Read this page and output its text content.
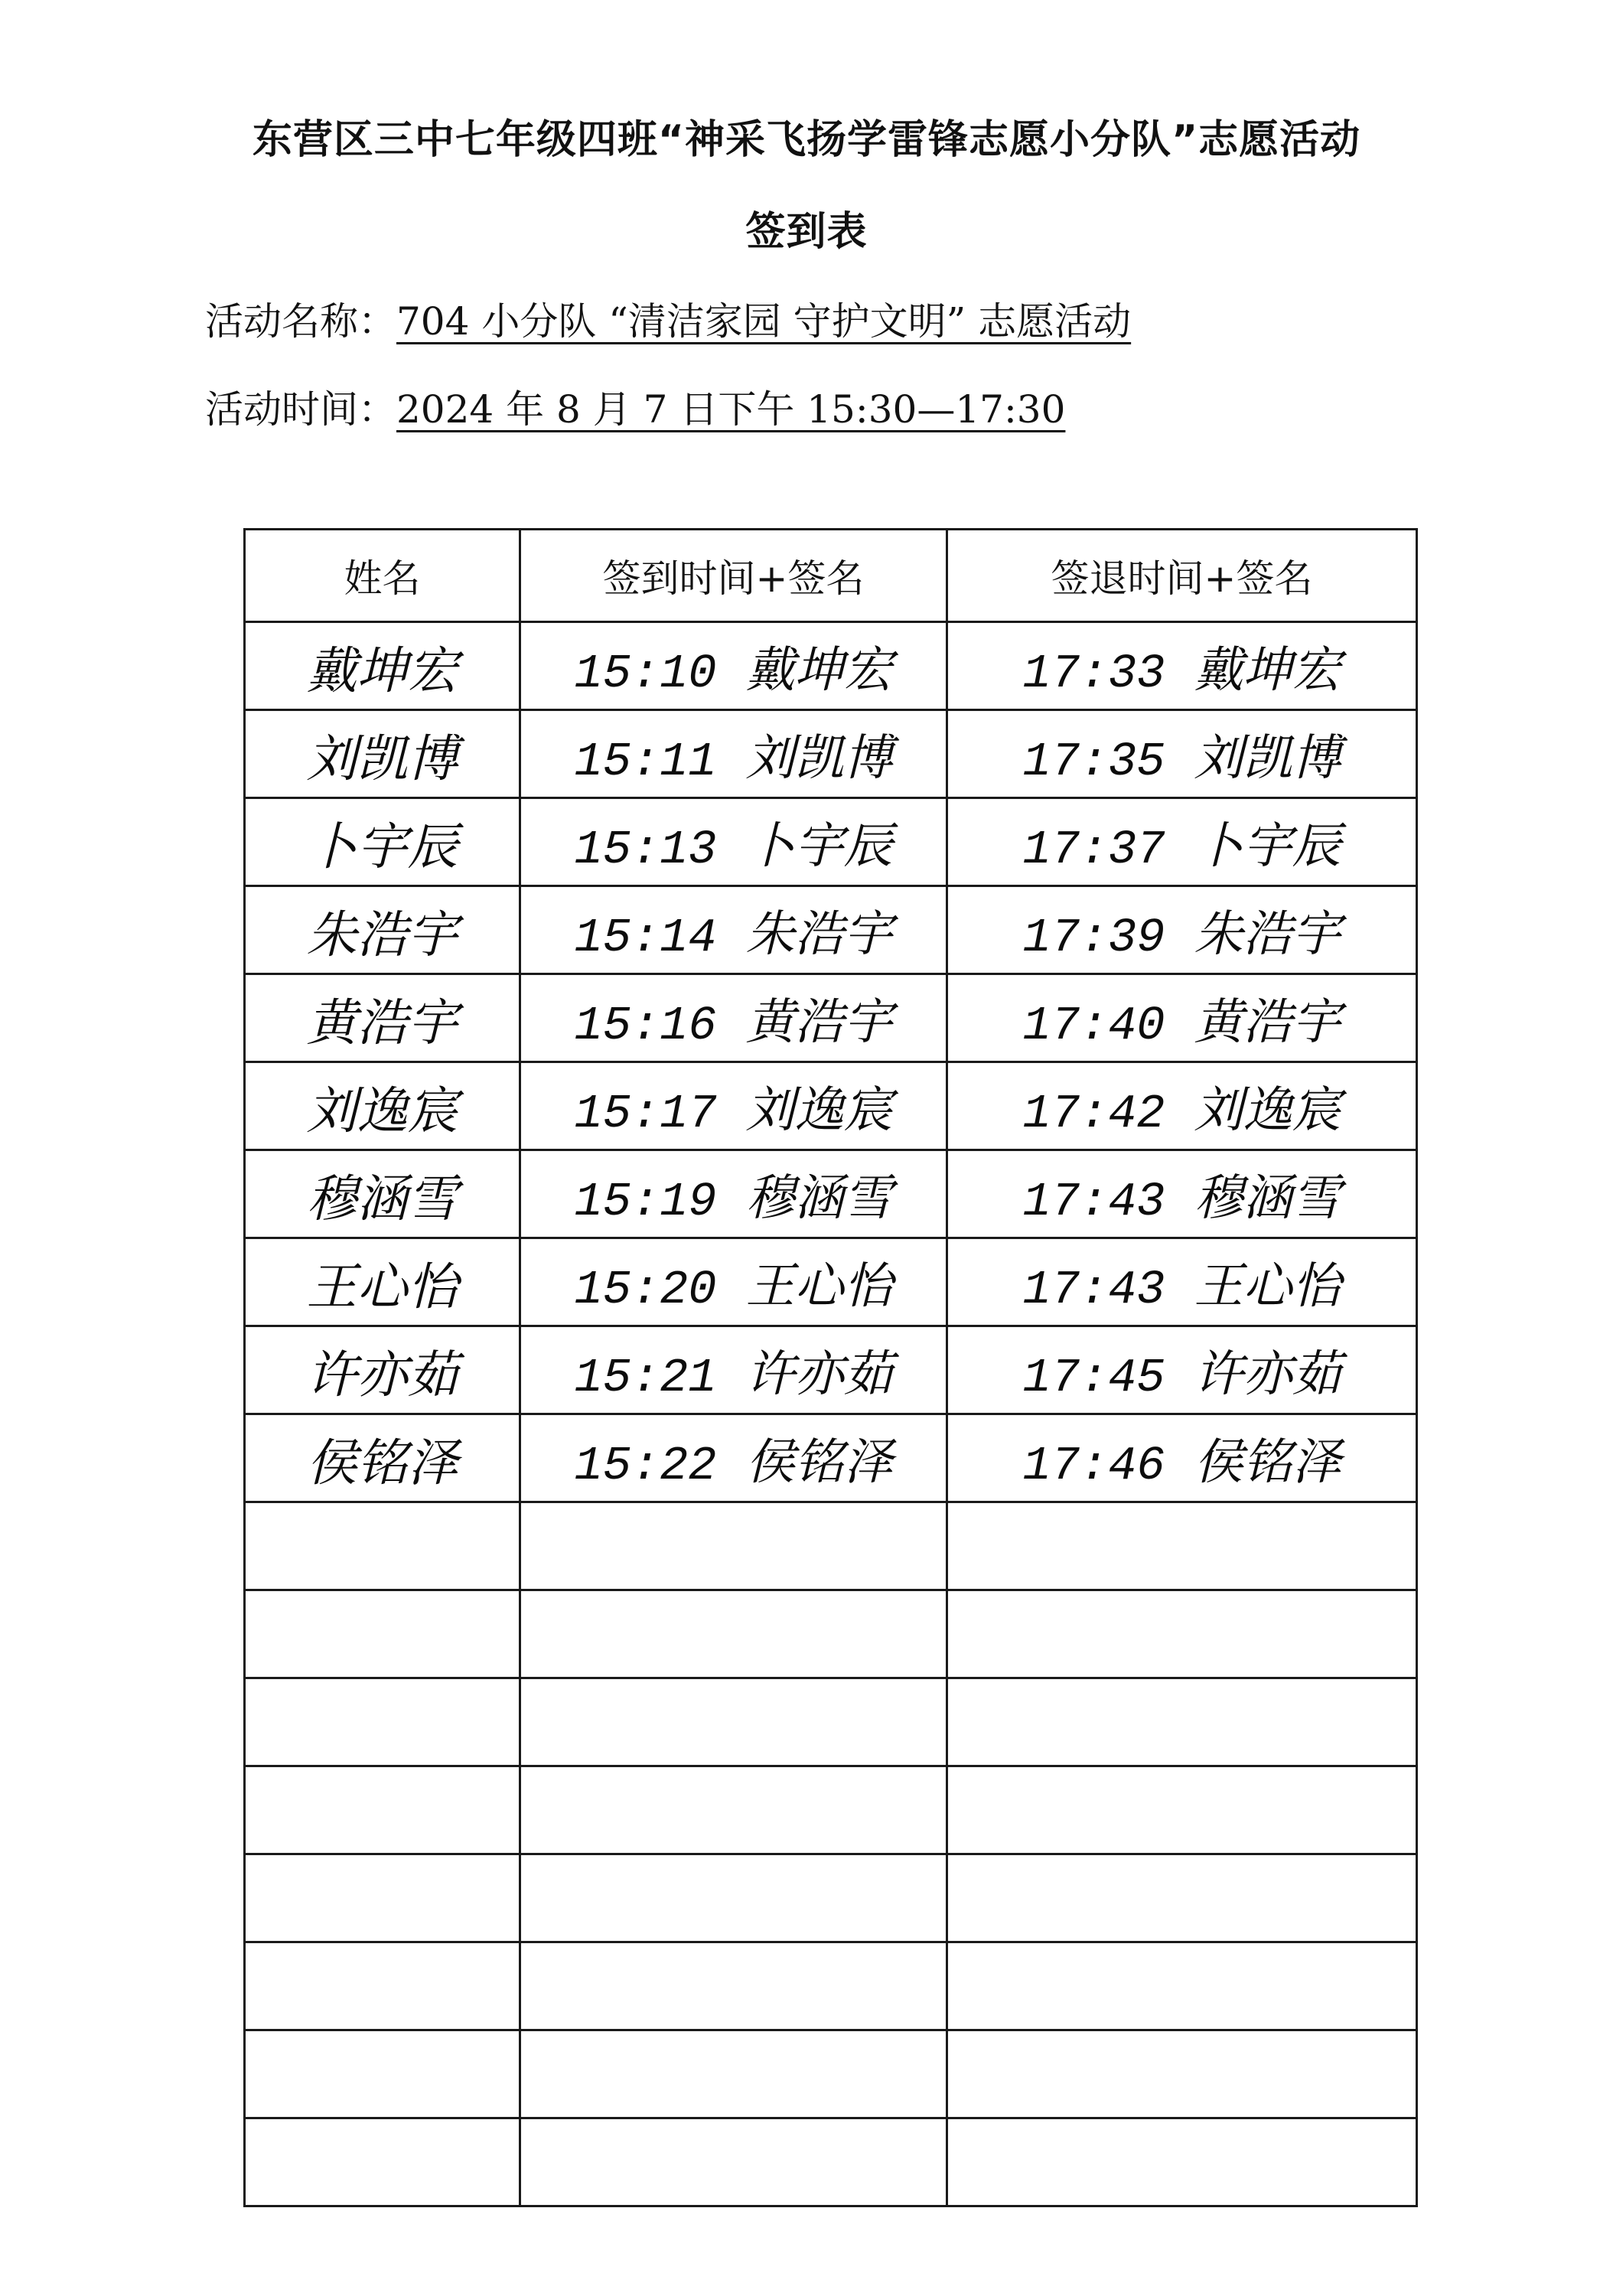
东营区三中七年级四班“神采飞扬学雷锋志愿小分队”志愿活动
签到表
活动名称：704 小分队 “清洁家园 守护文明” 志愿活动
活动时间：2024 年 8 月 7 日下午 15:30—17:30
姓名	签到时间+签名	签退时间+签名
戴坤宏	15:10 戴坤宏	17:33 戴坤宏
刘凯博	15:11 刘凯博	17:35 刘凯博
卜宇辰	15:13 卜宇辰	17:37 卜宇辰
朱浩宇	15:14 朱浩宇	17:39 朱浩宇
黄浩宇	15:16 黄浩宇	17:40 黄浩宇
刘逸宸	15:17 刘逸宸	17:42 刘逸宸
穆涵雪	15:19 穆涵雪	17:43 穆涵雪
王心怡	15:20 王心怡	17:43 王心怡
许亦茹	15:21 许亦茹	17:45 许亦茹
侯铭泽	15:22 侯铭泽	17:46 侯铭泽
